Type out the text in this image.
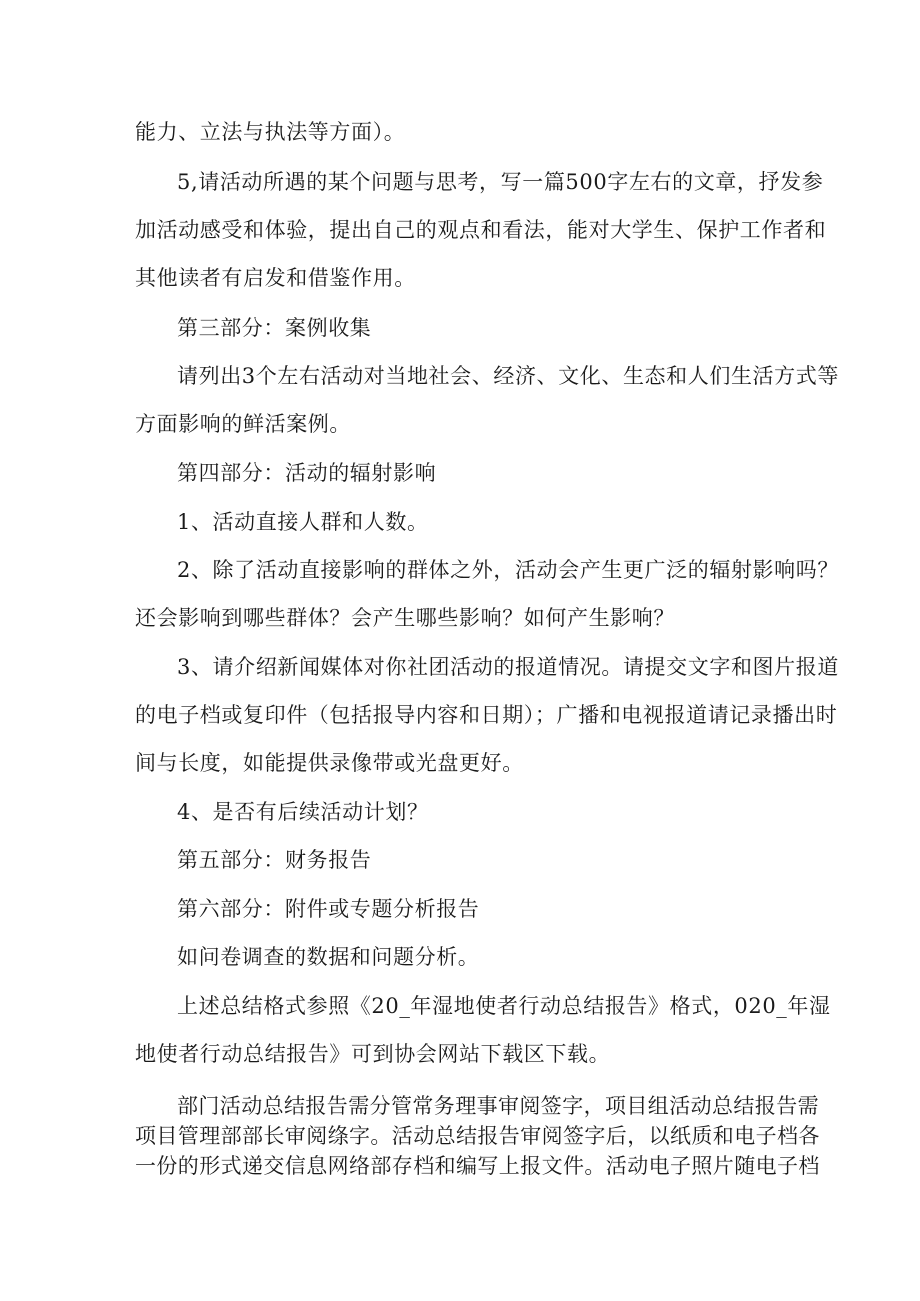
能力、立法与执法等方面）。
5,请活动所遇的某个问题与思考，写一篇500字左右的文章，抒发参
加活动感受和体验，提出自己的观点和看法，能对大学生、保护工作者和
其他读者有启发和借鉴作用。
第三部分：案例收集
请列出3个左右活动对当地社会、经济、文化、生态和人们生活方式等
方面影响的鲜活案例。
第四部分：活动的辐射影响
1、活动直接人群和人数。
2、除了活动直接影响的群体之外，活动会产生更广泛的辐射影响吗？
还会影响到哪些群体？会产生哪些影响？如何产生影响？
3、请介绍新闻媒体对你社团活动的报道情况。请提交文字和图片报道
的电子档或复印件（包括报导内容和日期）；广播和电视报道请记录播出时
间与长度，如能提供录像带或光盘更好。
4、是否有后续活动计划？
第五部分：财务报告
第六部分：附件或专题分析报告
如问卷调查的数据和问题分析。
上述总结格式参照《20_年湿地使者行动总结报告》格式，020_年湿
地使者行动总结报告》可到协会网站下载区下载。
部门活动总结报告需分管常务理事审阅签字，项目组活动总结报告需
项目管理部部长审阅绦字。活动总结报告审阅签字后，以纸质和电子档各
一份的形式递交信息网络部存档和编写上报文件。活动电子照片随电子档
